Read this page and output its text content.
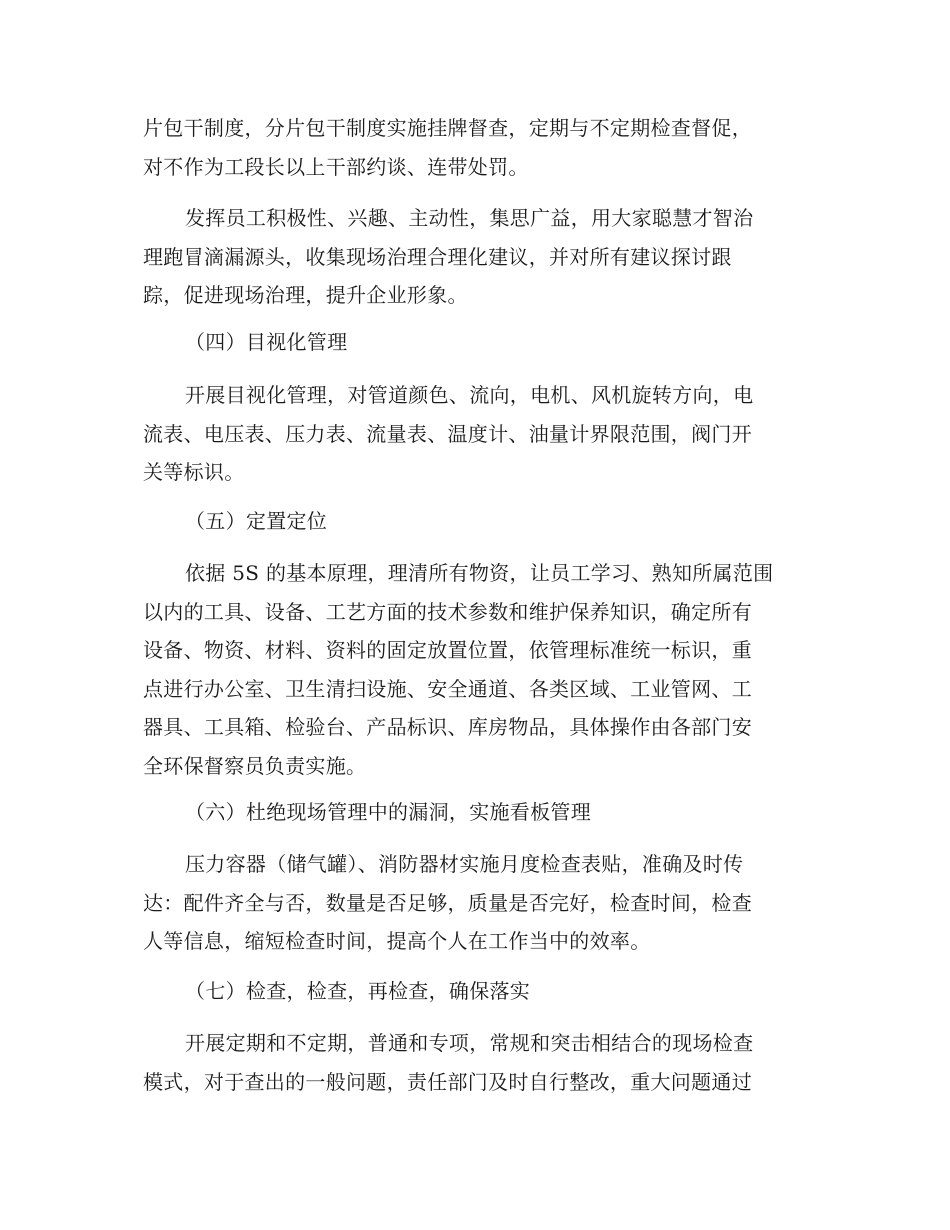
片包干制度，分片包干制度实施挂牌督查，定期与不定期检查督促，
对不作为工段长以上干部约谈、连带处罚。
发挥员工积极性、兴趣、主动性，集思广益，用大家聪慧才智治
理跑冒滴漏源头，收集现场治理合理化建议，并对所有建议探讨跟
踪，促进现场治理，提升企业形象。
（四）目视化管理
开展目视化管理，对管道颜色、流向，电机、风机旋转方向，电
流表、电压表、压力表、流量表、温度计、油量计界限范围，阀门开
关等标识。
（五）定置定位
依据 5S 的基本原理，理清所有物资，让员工学习、熟知所属范围
以内的工具、设备、工艺方面的技术参数和维护保养知识，确定所有
设备、物资、材料、资料的固定放置位置，依管理标准统一标识，重
点进行办公室、卫生清扫设施、安全通道、各类区域、工业管网、工
器具、工具箱、检验台、产品标识、库房物品，具体操作由各部门安
全环保督察员负责实施。
（六）杜绝现场管理中的漏洞，实施看板管理
压力容器（储气罐）、消防器材实施月度检查表贴，准确及时传
达：配件齐全与否，数量是否足够，质量是否完好，检查时间，检查
人等信息，缩短检查时间，提高个人在工作当中的效率。
（七）检查，检查，再检查，确保落实
开展定期和不定期，普通和专项，常规和突击相结合的现场检查
模式，对于查出的一般问题，责任部门及时自行整改，重大问题通过
